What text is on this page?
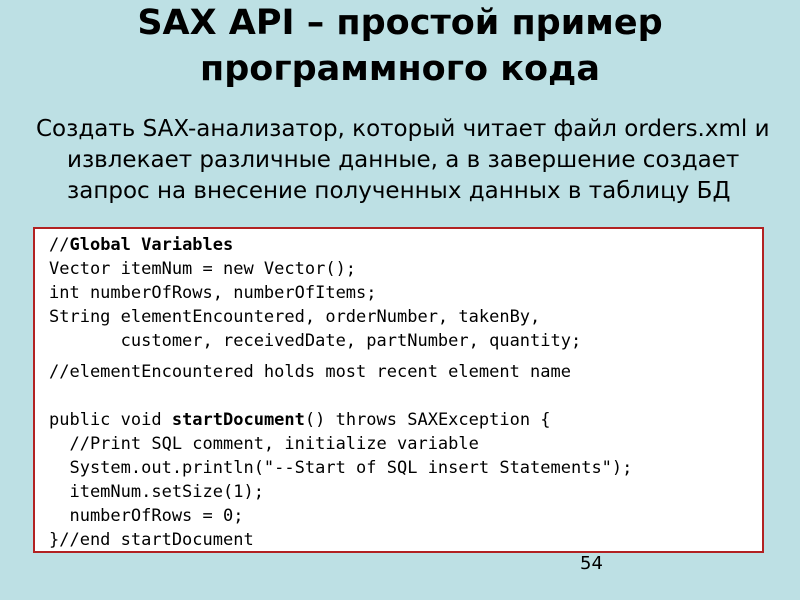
SAX API – простой пример
программного кода

Создать SAX-анализатор, который читает файл orders.xml и извлекает различные данные, а в завершение создает запрос на внесение полученных данных в таблицу БД

//Global Variables
Vector itemNum = new Vector();
int numberOfRows, numberOfItems;
String elementEncountered, orderNumber, takenBy,
customer, receivedDate, partNumber, quantity;
//elementEncountered holds most recent element name
public void startDocument() throws SAXException {
//Print SQL comment, initialize variable
System.out.println("--Start of SQL insert Statements");
itemNum.setSize(1);
numberOfRows = 0;
}//end startDocument
54
